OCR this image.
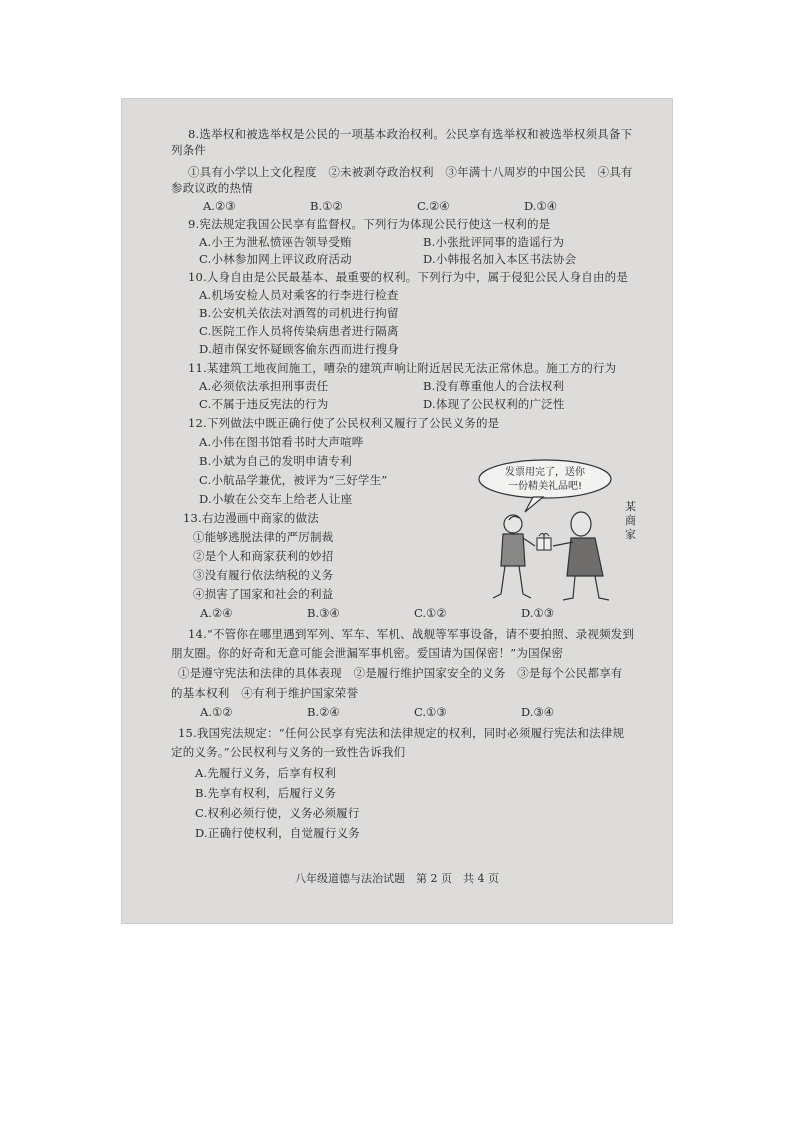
8.选举权和被选举权是公民的一项基本政治权利。公民享有选举权和被选举权须具备下
列条件
①具有小学以上文化程度　②未被剥夺政治权利　③年满十八周岁的中国公民　④具有
参政议政的热情
A.②③	B.①②	C.②④	D.①④
9.宪法规定我国公民享有监督权。下列行为体现公民行使这一权利的是
A.小王为泄私愤诬告领导受贿	B.小张批评同事的造谣行为
C.小林参加网上评议政府活动	D.小韩报名加入本区书法协会
10.人身自由是公民最基本、最重要的权利。下列行为中，属于侵犯公民人身自由的是
A.机场安检人员对乘客的行李进行检查
B.公安机关依法对酒驾的司机进行拘留
C.医院工作人员将传染病患者进行隔离
D.超市保安怀疑顾客偷东西而进行搜身
11.某建筑工地夜间施工，嘈杂的建筑声响让附近居民无法正常休息。施工方的行为
A.必须依法承担刑事责任	B.没有尊重他人的合法权利
C.不属于违反宪法的行为	D.体现了公民权利的广泛性
12.下列做法中既正确行使了公民权利又履行了公民义务的是
A.小伟在图书馆看书时大声喧哗
B.小斌为自己的发明申请专利
C.小航品学兼优，被评为“三好学生”
D.小敏在公交车上给老人让座
13.右边漫画中商家的做法
①能够逃脱法律的严厉制裁
②是个人和商家获利的妙招
③没有履行依法纳税的义务
④损害了国家和社会的利益
A.②④	B.③④	C.①②	D.①③
发票用完了，送你
一份精美礼品吧!
某
商
家
14.“不管你在哪里遇到军列、军车、军机、战舰等军事设备，请不要拍照、录视频发到
朋友圈。你的好奇和无意可能会泄漏军事机密。爱国请为国保密！”为国保密
①是遵守宪法和法律的具体表现　②是履行维护国家安全的义务　③是每个公民都享有
的基本权利　④有利于维护国家荣誉
A.①②	B.②④	C.①③	D.③④
15.我国宪法规定：“任何公民享有宪法和法律规定的权利，同时必须履行宪法和法律规
定的义务。”公民权利与义务的一致性告诉我们
A.先履行义务，后享有权利
B.先享有权利，后履行义务
C.权利必须行使，义务必须履行
D.正确行使权利，自觉履行义务
八年级道德与法治试题　第 2 页　共 4 页
